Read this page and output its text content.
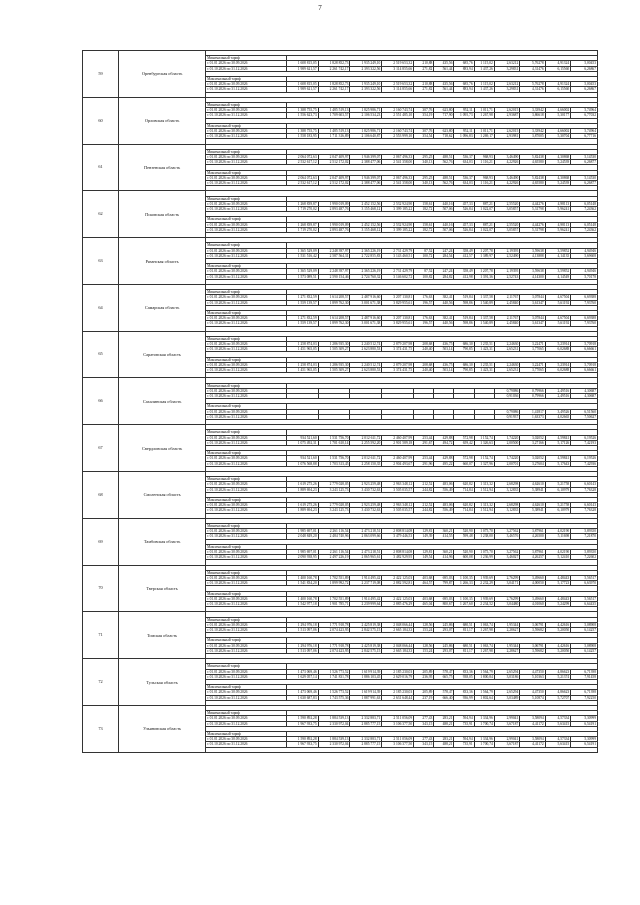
7
59	Оренбургская область													
		Минимальный тариф												
		с 01.01.2026 по 30.09.2026	1 608 815,05	1 828 852,73	1 935 249,10	2 519 653,32	210,88	435,56	685,76	1 115,02	2,63212	5,76278	4,91324	5,00453
		с 01.10.2026 по 31.12.2026	1 989 621,57	2 261 742,17	2 393 322,56	3 114 855,66	271,82	561,44	883,94	1 437,26	3,29831	4,31476	6,15560	6,26867

		Максимальный тариф												
		с 01.01.2026 по 30.09.2026	1 608 815,05	1 828 852,73	1 935 249,10	2 519 653,32	210,88	435,56	685,76	1 115,02	2,63212	5,76278	4,91324	5,00453
		с 01.10.2026 по 31.12.2026	1 989 621,57	2 261 742,17	2 393 322,56	3 114 855,66	271,82	561,44	883,94	1 437,26	3,29831	4,31476	6,15560	6,26867

60	Орловская область													
		Минимальный тариф												
		с 01.01.2026 по 30.09.2026	1 388 755,75	1 485 519,13	1 825 986,71	2 160 743,74	307,76	623,80	952,11	1 011,71	2,62015	3,33942	4,66002	5,74964
		с 01.10.2026 по 31.12.2026	1 556 623,73	1 709 603,57	2 106 534,23	2 551 485,10	354,19	717,90	1 095,73	1 267,98	2,93687	3,86618	5,30177	6,77032

		Максимальный тариф												
		с 01.01.2026 по 30.09.2026	1 388 755,75	1 485 519,13	1 825 986,71	2 160 743,74	307,76	623,80	952,11	1 011,71	2,62015	3,33942	4,66002	5,74964
		с 01.10.2026 по 31.12.2026	1 558 183,95	1 711 316,89	2 106 640,87	2 553 999,10	354,54	718,62	1 096,83	1 269,17	2,93981	3,87005	5,30704	6,77716

61	Пензенская область													
		Минимальный тариф												
		с 01.01.2026 по 30.09.2026	2 064 072,63	2 047 409,97	1 946 399,07	2 067 496,33	295,25	488,51	536,37	968,93	3,46490	5,82438	4,30868	5,14530
		с 01.10.2026 по 31.12.2026	2 532 617,12	2 512 172,02	2 388 477,06	2 541 358,00	340,13	562,76	634,03	1 116,21	4,22926	4,65580	5,24539	6,26877

		Максимальный тариф												
		с 01.01.2026 по 30.09.2026	2 064 072,63	2 047 409,97	1 946 399,07	2 067 496,33	295,25	488,51	536,37	968,93	3,46490	5,82438	4,30868	5,14530
		с 01.10.2026 по 31.12.2026	2 532 617,12	2 512 172,02	2 388 477,06	2 541 358,00	340,13	562,76	634,03	1 116,21	4,22926	4,65580	5,24539	6,26877

62	Псковская область													
		Минимальный тариф												
		с 01.01.2026 по 30.09.2026	1 268 839,87	1 990 019,09	2 452 152,56	2 532 924,90	158,61	440,16	457,33	887,21	2,55520	4,44276	4,98113	6,05148
		с 01.10.2026 по 31.12.2026	1 719 270,02	2 893 487,76	3 155 468,12	3 399 185,22	182,72	507,06	526,84	1 022,07	3,05857	5,31798	5,96241	7,24362

		Максимальный тариф												
		с 01.01.2026 по 30.09.2026	1 268 839,87	1 990 019,09	2 452 152,56	2 532 924,90	158,61	440,16	457,33	887,21	2,55520	4,44276	4,98113	6,05148
		с 01.10.2026 по 31.12.2026	1 719 270,02	2 893 487,76	3 155 468,12	3 399 185,22	182,72	507,06	526,84	1 022,07	3,05857	5,31798	5,96241	7,24362

63	Рязанская область													
		Минимальный тариф												
		с 01.01.2026 по 30.09.2026	1 365 529,09	2 248 397,97	2 365 226,19	2 731 429,79	87,52	247,24	358,49	1 207,78	2,19395	3,59638	3,59852	4,94946
		с 01.10.2026 по 31.12.2026	1 531 516,42	2 587 564,31	2 722 855,83	3 143 460,51	100,72	284,54	412,57	1 389,97	2,52490	4,13888	4,14135	5,69608

		Максимальный тариф												
		с 01.01.2026 по 30.09.2026	1 365 529,09	2 248 397,97	2 365 226,19	2 731 429,79	87,52	247,24	358,49	1 207,78	2,19395	3,59638	3,59852	4,94946
		с 01.10.2026 по 31.12.2026	1 573 089,51	2 590 154,46	2 724 760,32	3 146 602,72	100,82	284,82	412,98	1 391,36	2,52743	4,14300	4,14549	5,70178

64	Самарская область													
		Минимальный тариф												
		с 01.01.2026 по 30.09.2026	1 271 832,59	1 614 208,57	2 487 916,60	3 207 130,81	176,63	382,41	519,84	1 337,58	2,11767	3,07844	4,67504	6,69388
		с 01.10.2026 по 31.12.2026	1 559 139,57	1 899 762,30	3 001 671,38	3 829 955,61	196,57	440,56	598,86	1 540,89	2,45840	3,61347	5,61192	7,93760

		Максимальный тариф												
		с 01.01.2026 по 30.09.2026	1 271 832,59	1 614 208,57	2 487 916,60	3 207 130,81	176,63	382,41	519,84	1 337,58	2,11767	3,07844	4,67504	6,69388
		с 01.10.2026 по 31.12.2026	1 559 139,57	1 899 762,30	3 001 671,38	3 829 955,61	196,57	440,56	598,86	1 540,89	2,45840	3,61347	5,61192	7,93760

65	Саратовская область													
		Минимальный тариф												
		с 01.01.2026 по 30.09.2026	1 258 874,03	1 286 935,30	2 240 512,74	2 879 207,98	208,68	436,75	686,30	1 235,51	2,24630	3,22471	5,23914	5,70918
		с 01.10.2026 по 31.12.2026	1 451 965,05	1 505 309,27	2 623 880,53	3 374 431,75	240,40	503,14	790,85	1 423,31	2,65231	3,77065	6,02688	6,66661

		Максимальный тариф												
		с 01.01.2026 по 30.09.2026	1 258 874,03	1 286 935,30	2 240 512,74	2 879 207,98	208,68	436,75	686,30	1 235,51	2,24630	3,22471	5,23914	5,70918
		с 01.10.2026 по 31.12.2026	1 451 965,05	1 505 309,27	2 623 880,53	3 374 431,75	240,40	503,14	790,85	1 423,31	2,65231	3,77065	6,02688	6,66661

66	Сахалинская область													
		Минимальный тариф												
		с 01.01.2026 по 30.09.2026									0,79086	0,79966	2,49516	4,30687
		с 01.10.2026 по 31.12.2026									0,91036	0,79966	2,49516	4,30687

		Максимальный тариф												
		с 01.01.2026 по 30.09.2026									0,79086	1,41817	3,49526	6,51560
		с 01.10.2026 по 31.12.2026									0,91937	1,63373	4,02665	7,50627

67	Свердловская область													
		Минимальный тариф												
		с 01.01.2026 по 30.09.2026	934 521,60	1 531 756,70	2 012 611,72	2 460 407,99	253,44	429,88	572,98	1 152,74	1,74220	3,02052	4,59841	6,19526
		с 01.10.2026 по 31.12.2026	1 075 492,31	1 701 610,14	2 255 592,20	2 901 589,18	291,67	494,72	659,42	1 326,63	2,00500	3,27166	5,17126	7,42193

		Максимальный тариф												
		с 01.01.2026 по 30.09.2026	934 521,60	1 531 756,70	2 012 611,72	2 460 407,99	253,44	429,88	572,98	1 152,74	1,74220	3,02052	4,59841	6,19526
		с 01.10.2026 по 31.12.2026	1 076 568,88	1 703 313,45	2 258 150,35	2 904 493,67	291,96	495,22	660,07	1 327,96	2,00701	3,27604	5,17643	7,42936

68	Смоленская область													
		Минимальный тариф												
		с 01.01.2026 по 30.09.2026	1 619 275,26	2 779 028,05	2 923 259,48	2 963 348,12	212,52	483,06	620,82	1 313,32	2,68298	4,62610	5,21758	6,60143
		с 01.10.2026 по 31.12.2026	1 889 694,23	3 243 125,73	3 430 732,63	3 505 035,57	244,82	556,49	714,84	1 512,94	3,12835	5,38941	6,10979	7,76328

		Максимальный тариф												
		с 01.01.2026 по 30.09.2026	1 619 275,26	2 779 028,05	2 923 259,48	2 963 348,12	212,52	483,06	620,82	1 313,32	2,68298	4,62610	5,21758	6,60143
		с 01.10.2026 по 31.12.2026	1 889 694,23	3 243 125,73	3 430 732,63	3 505 035,57	244,82	556,49	714,84	1 512,94	3,12835	5,38941	6,10979	7,76328

69	Тамбовская область													
		Минимальный тариф												
		с 01.01.2026 по 30.09.2026	1 985 697,01	2 261 116,54	2 473 218,51	2 808 814,08	129,81	360,21	520,90	1 075,70	3,27562	3,87961	4,02190	5,89350
		с 01.10.2026 по 31.12.2026	2 048 849,20	2 484 740,96	2 863 099,66	3 479 446,53	149,39	414,55	599,48	1 238,00	3,46576	4,26500	5,11698	7,21870

		Максимальный тариф												
		с 01.01.2026 по 30.09.2026	1 985 697,01	2 261 116,54	2 473 218,51	2 808 814,08	129,81	360,21	520,90	1 075,70	3,27562	3,87961	4,02190	5,89350
		с 01.10.2026 по 31.12.2026	2 090 938,95	2 497 226,19	2 865 965,61	3 482 929,95	149,54	414,96	600,08	1 236,99	3,46027	4,26257	5,12410	7,22602

70	Тверская область													
		Минимальный тариф												
		с 01.01.2026 по 30.09.2026	1 400 160,78	1 702 551,89	1 914 495,42	2 422 125,03	403,68	695,03	1 100,35	1 939,69	2,76299	3,49660	4,48443	5,56517
		с 01.10.2026 по 31.12.2026	1 541 834,20	1 899 992,72	2 237 719,08	2 882 592,81	464,57	799,87	1 266,33	2 232,29	3,04171	4,00050	5,17723	6,63970

		Максимальный тариф												
		с 01.01.2026 по 30.09.2026	1 400 160,78	1 702 551,89	1 914 495,42	2 422 125,03	403,68	695,03	1 100,35	1 939,69	2,76299	3,49660	4,48443	5,56517
		с 01.10.2026 по 31.12.2026	1 542 977,18	1 901 785,71	2 239 999,64	2 885 476,29	465,04	800,67	1 267,60	2 234,52	3,04480	4,01060	5,24299	6,64435

71	Томская область													
		Минимальный тариф												
		с 01.01.2026 по 30.09.2026	1 294 976,18	1 771 918,78	2 425 819,38	2 048 066,44	128,56	245,86	680,51	1 063,74	1,95344	3,06791	4,42616	5,08908
		с 01.10.2026 по 31.12.2026	1 513 097,06	2 074 423,95	2 842 575,15	2 665 184,33	153,24	293,07	811,17	1 267,98	2,28627	3,59682	5,20050	6,14257

		Максимальный тариф												
		с 01.01.2026 по 30.09.2026	1 294 976,18	1 771 918,78	2 425 819,38	2 048 066,44	128,56	245,86	680,51	1 063,74	1,95344	3,06791	4,42616	5,08908
		с 01.10.2026 по 31.12.2026	1 513 097,06	2 074 423,95	2 842 575,15	2 665 184,33	153,24	293,07	811,17	1 267,98	2,28627	3,59682	5,20050	6,14257

72	Тульская область													
		Минимальный тариф												
		с 01.01.2026 по 30.09.2026	1 473 069,46	1 526 773,52	1 619 914,39	2 185 230,03	205,89	578,47	833,36	1 564,79	2,65294	4,47350	4,86623	6,71398
		с 01.10.2026 по 31.12.2026	1 629 057,14	1 741 831,78	1 886 103,45	2 629 016,79	236,95	665,75	938,05	1 800,84	3,03186	5,10363	5,21374	7,91458

		Максимальный тариф												
		с 01.01.2026 по 30.09.2026	1 473 069,46	1 526 773,52	1 619 914,39	2 185 230,03	205,89	578,47	833,36	1 564,79	2,65294	4,47350	4,86623	6,71398
		с 01.10.2026 по 31.12.2026	1 630 687,83	1 743 575,36	1 887 991,63	2 631 648,44	237,19	666,40	936,99	1 802,64	3,03489	5,10874	5,72707	7,92250

73	Ульяновская область													
		Минимальный тариф												
		с 01.01.2026 по 30.09.2026	1 590 892,28	1 884 539,13	2 332 883,71	2 511 056,09	277,43	283,21	594,94	1 334,96	2,99041	3,58094	4,57334	5,30999
		с 01.10.2026 по 31.12.2026	1 967 933,75	2 330 972,04	2 885 777,15	3 106 377,50	343,15	488,21	735,91	1 700,74	3,67187	4,41172	5,63415	6,54191

		Максимальный тариф												
		с 01.01.2026 по 30.09.2026	1 590 892,28	1 884 539,13	2 332 883,71	2 511 056,09	277,43	283,21	594,94	1 334,96	2,99041	3,58094	4,57334	5,30999
		с 01.10.2026 по 31.12.2026	1 967 933,75	2 330 972,04	2 885 777,15	3 106 377,50	343,15	488,21	735,91	1 700,74	3,67187	4,41172	5,63415	6,54191
